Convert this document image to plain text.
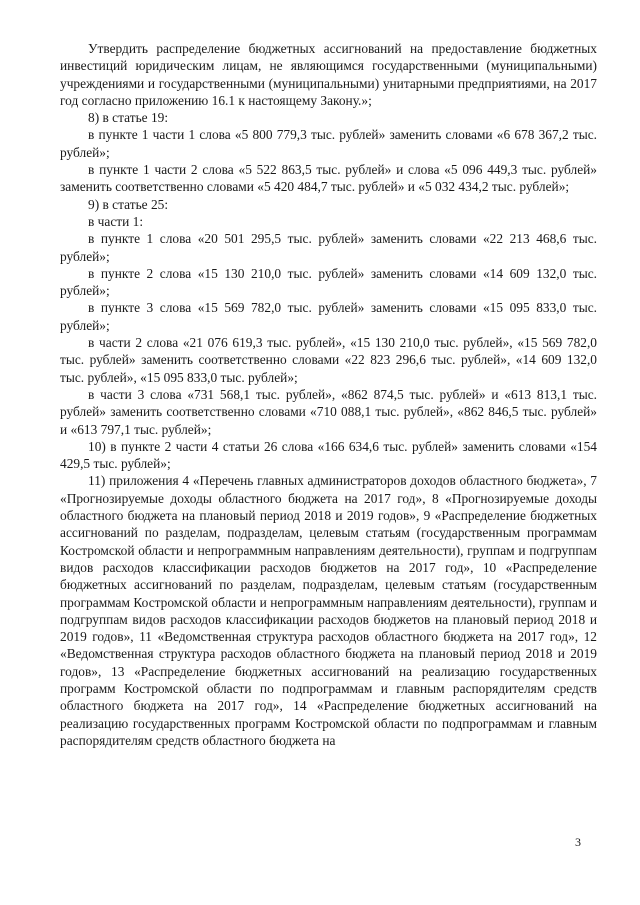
Утвердить распределение бюджетных ассигнований на предоставление бюджетных инвестиций юридическим лицам, не являющимся государственными (муниципальными) учреждениями и государственными (муниципальными) унитарными предприятиями, на 2017 год согласно приложению 16.1 к настоящему Закону.»;

8) в статье 19:

в пункте 1 части 1 слова «5 800 779,3 тыс. рублей» заменить словами «6 678 367,2 тыс. рублей»;

в пункте 1 части 2 слова «5 522 863,5 тыс. рублей» и слова «5 096 449,3 тыс. рублей» заменить соответственно словами «5 420 484,7 тыс. рублей» и «5 032 434,2 тыс. рублей»;

9) в статье 25:

в части 1:

в пункте 1 слова «20 501 295,5 тыс. рублей» заменить словами «22 213 468,6 тыс. рублей»;

в пункте 2 слова «15 130 210,0 тыс. рублей» заменить словами «14 609 132,0 тыс. рублей»;

в пункте 3 слова «15 569 782,0 тыс. рублей» заменить словами «15 095 833,0 тыс. рублей»;

в части 2 слова «21 076 619,3 тыс. рублей», «15 130 210,0 тыс. рублей», «15 569 782,0 тыс. рублей» заменить соответственно словами «22 823 296,6 тыс. рублей», «14 609 132,0 тыс. рублей», «15 095 833,0 тыс. рублей»;

в части 3 слова «731 568,1 тыс. рублей», «862 874,5 тыс. рублей» и «613 813,1 тыс. рублей» заменить соответственно словами «710 088,1 тыс. рублей», «862 846,5 тыс. рублей» и «613 797,1 тыс. рублей»;

10) в пункте 2 части 4 статьи 26 слова «166 634,6 тыс. рублей» заменить словами «154 429,5 тыс. рублей»;

11) приложения 4 «Перечень главных администраторов доходов областного бюджета», 7 «Прогнозируемые доходы областного бюджета на 2017 год», 8 «Прогнозируемые доходы областного бюджета на плановый период 2018 и 2019 годов», 9 «Распределение бюджетных ассигнований по разделам, подразделам, целевым статьям (государственным программам Костромской области и непрограммным направлениям деятельности), группам и подгруппам видов расходов классификации расходов бюджетов на 2017 год», 10 «Распределение бюджетных ассигнований по разделам, подразделам, целевым статьям (государственным программам Костромской области и непрограммным направлениям деятельности), группам и подгруппам видов расходов классификации расходов бюджетов на плановый период 2018 и 2019 годов», 11 «Ведомственная структура расходов областного бюджета на 2017 год», 12 «Ведомственная структура расходов областного бюджета на плановый период 2018 и 2019 годов», 13 «Распределение бюджетных ассигнований на реализацию государственных программ Костромской области по подпрограммам и главным распорядителям средств областного бюджета на 2017 год», 14 «Распределение бюджетных ассигнований на реализацию государственных программ Костромской области по подпрограммам и главным распорядителям средств областного бюджета на

3
